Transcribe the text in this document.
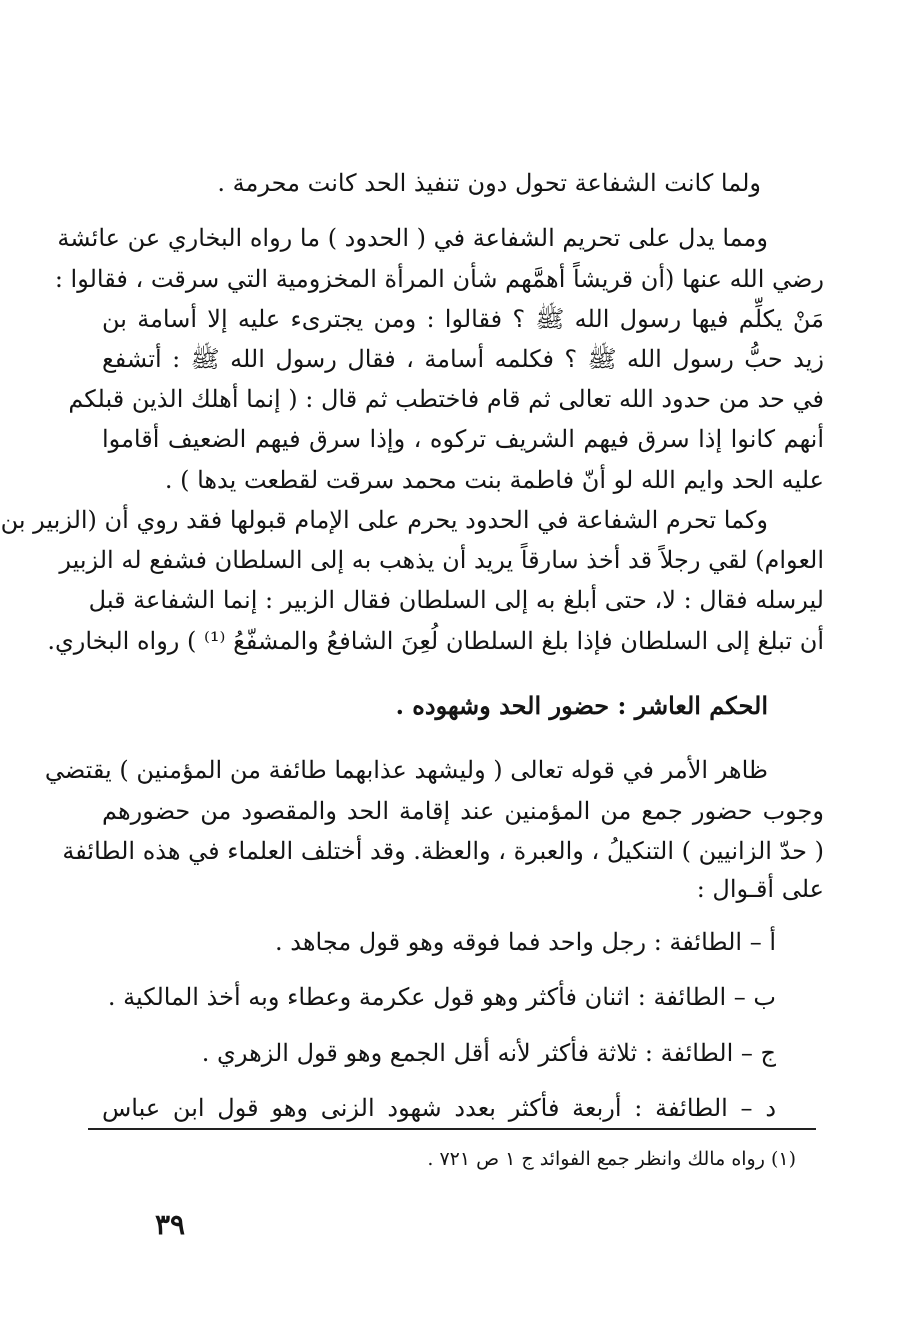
ولما كانت الشفاعة تحول دون تنفيذ الحد كانت محرمة .
ومما يدل على تحريم الشفاعة في ( الحدود ) ما رواه البخاري عن عائشة
رضي الله عنها (أن قريشاً أهمَّهم شأن المرأة المخزومية التي سرقت ، فقالوا :
مَنْ يكلِّم فيها رسول الله ﷺ ؟ فقالوا : ومن يجترىء عليه إلا أسامة بن
زيد حبُّ رسول الله ﷺ ؟ فكلمه أسامة ، فقال رسول الله ﷺ : أتشفع
في حد من حدود الله تعالى ثم قام فاختطب ثم قال : ( إنما أهلك الذين قبلكم
أنهم كانوا إذا سرق فيهم الشريف تركوه ، وإذا سرق فيهم الضعيف أقاموا
عليه الحد وايم الله لو أنّ فاطمة بنت محمد سرقت لقطعت يدها ) .
وكما تحرم الشفاعة في الحدود يحرم على الإمام قبولها فقد روي أن (الزبير بن
العوام) لقي رجلاً قد أخذ سارقاً يريد أن يذهب به إلى السلطان فشفع له الزبير
ليرسله فقال : لا، حتى أبلغ به إلى السلطان فقال الزبير : إنما الشفاعة قبل
أن تبلغ إلى السلطان فإذا بلغ السلطان لُعِنَ الشافعُ والمشفّعُ ⁽¹⁾ ) رواه البخاري.
الحكم العاشر : حضور الحد وشهوده .
ظاهر الأمر في قوله تعالى ( وليشهد عذابهما طائفة من المؤمنين ) يقتضي
وجوب حضور جمع من المؤمنين عند إقامة الحد والمقصود من حضورهم
( حدّ الزانيين ) التنكيلُ ، والعبرة ، والعظة. وقد أختلف العلماء في هذه الطائفة
على أقـوال :
أ – الطائفة : رجل واحد فما فوقه وهو قول مجاهد .
ب – الطائفة : اثنان فأكثر وهو قول عكرمة وعطاء وبه أخذ المالكية .
ج – الطائفة : ثلاثة فأكثر لأنه أقل الجمع وهو قول الزهري .
د – الطائفة : أربعة فأكثر بعدد شهود الزنى وهو قول ابن عباس
(١) رواه مالك وانظر جمع الفوائد ج ١ ص ٧٢١ .
٣٩
